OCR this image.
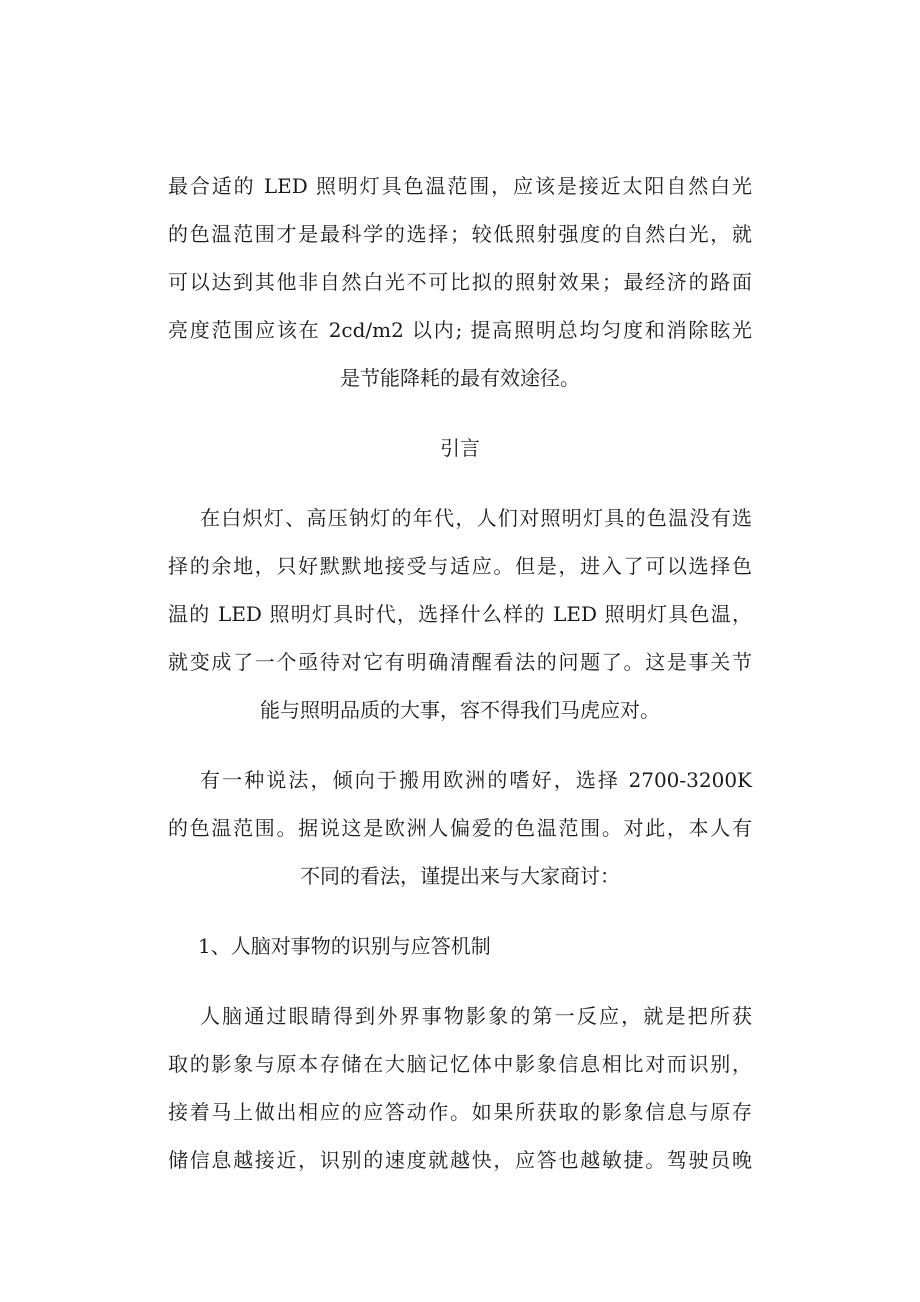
最合适的 LED 照明灯具色温范围，应该是接近太阳自然白光
的色温范围才是最科学的选择；较低照射强度的自然白光，就
可以达到其他非自然白光不可比拟的照射效果；最经济的路面
亮度范围应该在 2cd/m2 以内; 提高照明总均匀度和消除眩光
是节能降耗的最有效途径。
引言
在白炽灯、高压钠灯的年代，人们对照明灯具的色温没有选
择的余地，只好默默地接受与适应。但是，进入了可以选择色
温的 LED 照明灯具时代，选择什么样的 LED 照明灯具色温，
就变成了一个亟待对它有明确清醒看法的问题了。这是事关节
能与照明品质的大事，容不得我们马虎应对。
有一种说法，倾向于搬用欧洲的嗜好，选择 2700-3200K
的色温范围。据说这是欧洲人偏爱的色温范围。对此，本人有
不同的看法，谨提出来与大家商讨：
1、人脑对事物的识别与应答机制
人脑通过眼睛得到外界事物影象的第一反应，就是把所获
取的影象与原本存储在大脑记忆体中影象信息相比对而识别，
接着马上做出相应的应答动作。如果所获取的影象信息与原存
储信息越接近，识别的速度就越快，应答也越敏捷。驾驶员晚
